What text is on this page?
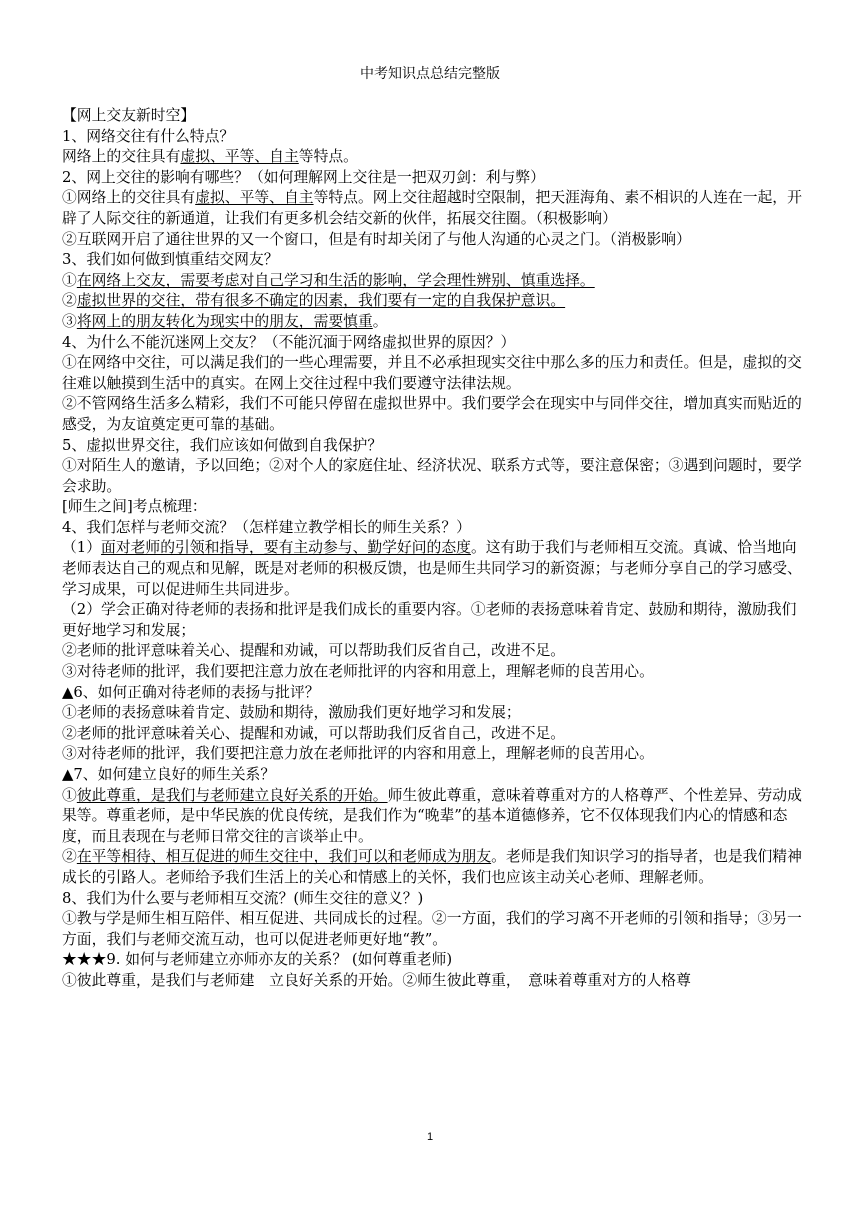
中考知识点总结完整版

【网上交友新时空】

1、网络交往有什么特点？

网络上的交往具有虚拟、平等、自主等特点。

2、网上交往的影响有哪些？（如何理解网上交往是一把双刃剑：利与弊）

①网络上的交往具有虚拟、平等、自主等特点。网上交往超越时空限制，把天涯海角、素不相识的人连在一起，开辟了人际交往的新通道，让我们有更多机会结交新的伙伴，拓展交往圈。（积极影响）

②互联网开启了通往世界的又一个窗口，但是有时却关闭了与他人沟通的心灵之门。（消极影响）

3、我们如何做到慎重结交网友？

①在网络上交友，需要考虑对自己学习和生活的影响，学会理性辨别、慎重选择。

②虚拟世界的交往，带有很多不确定的因素，我们要有一定的自我保护意识。

③将网上的朋友转化为现实中的朋友，需要慎重。

4、为什么不能沉迷网上交友？（不能沉湎于网络虚拟世界的原因？）

①在网络中交往，可以满足我们的一些心理需要，并且不必承担现实交往中那么多的压力和责任。但是，虚拟的交往难以触摸到生活中的真实。在网上交往过程中我们要遵守法律法规。

②不管网络生活多么精彩，我们不可能只停留在虚拟世界中。我们要学会在现实中与同伴交往，增加真实而贴近的感受，为友谊奠定更可靠的基础。

5、虚拟世界交往，我们应该如何做到自我保护？

①对陌生人的邀请，予以回绝；②对个人的家庭住址、经济状况、联系方式等，要注意保密；③遇到问题时，要学会求助。

[师生之间]考点梳理：

4、我们怎样与老师交流？（怎样建立教学相长的师生关系？）

（1）面对老师的引领和指导，要有主动参与、勤学好问的态度。这有助于我们与老师相互交流。真诚、恰当地向老师表达自己的观点和见解，既是对老师的积极反馈，也是师生共同学习的新资源；与老师分享自己的学习感受、学习成果，可以促进师生共同进步。

（2）学会正确对待老师的表扬和批评是我们成长的重要内容。①老师的表扬意味着肯定、鼓励和期待，激励我们更好地学习和发展；

②老师的批评意味着关心、提醒和劝诫，可以帮助我们反省自己，改进不足。

③对待老师的批评，我们要把注意力放在老师批评的内容和用意上，理解老师的良苦用心。

▲6、如何正确对待老师的表扬与批评？

①老师的表扬意味着肯定、鼓励和期待，激励我们更好地学习和发展；

②老师的批评意味着关心、提醒和劝诫，可以帮助我们反省自己，改进不足。

③对待老师的批评，我们要把注意力放在老师批评的内容和用意上，理解老师的良苦用心。

▲7、如何建立良好的师生关系？

①彼此尊重，是我们与老师建立良好关系的开始。师生彼此尊重，意味着尊重对方的人格尊严、个性差异、劳动成果等。尊重老师，是中华民族的优良传统，是我们作为“晚辈”的基本道德修养，它不仅体现我们内心的情感和态度，而且表现在与老师日常交往的言谈举止中。

②在平等相待、相互促进的师生交往中，我们可以和老师成为朋友。老师是我们知识学习的指导者，也是我们精神成长的引路人。老师给予我们生活上的关心和情感上的关怀，我们也应该主动关心老师、理解老师。

8、我们为什么要与老师相互交流？(师生交往的意义？)

①教与学是师生相互陪伴、相互促进、共同成长的过程。②一方面，我们的学习离不开老师的引领和指导；③另一方面，我们与老师交流互动，也可以促进老师更好地“教”。

★★★9. 如何与老师建立亦师亦友的关系？ (如何尊重老师)

①彼此尊重，是我们与老师建　立良好关系的开始。②师生彼此尊重，　意味着尊重对方的人格尊

1
